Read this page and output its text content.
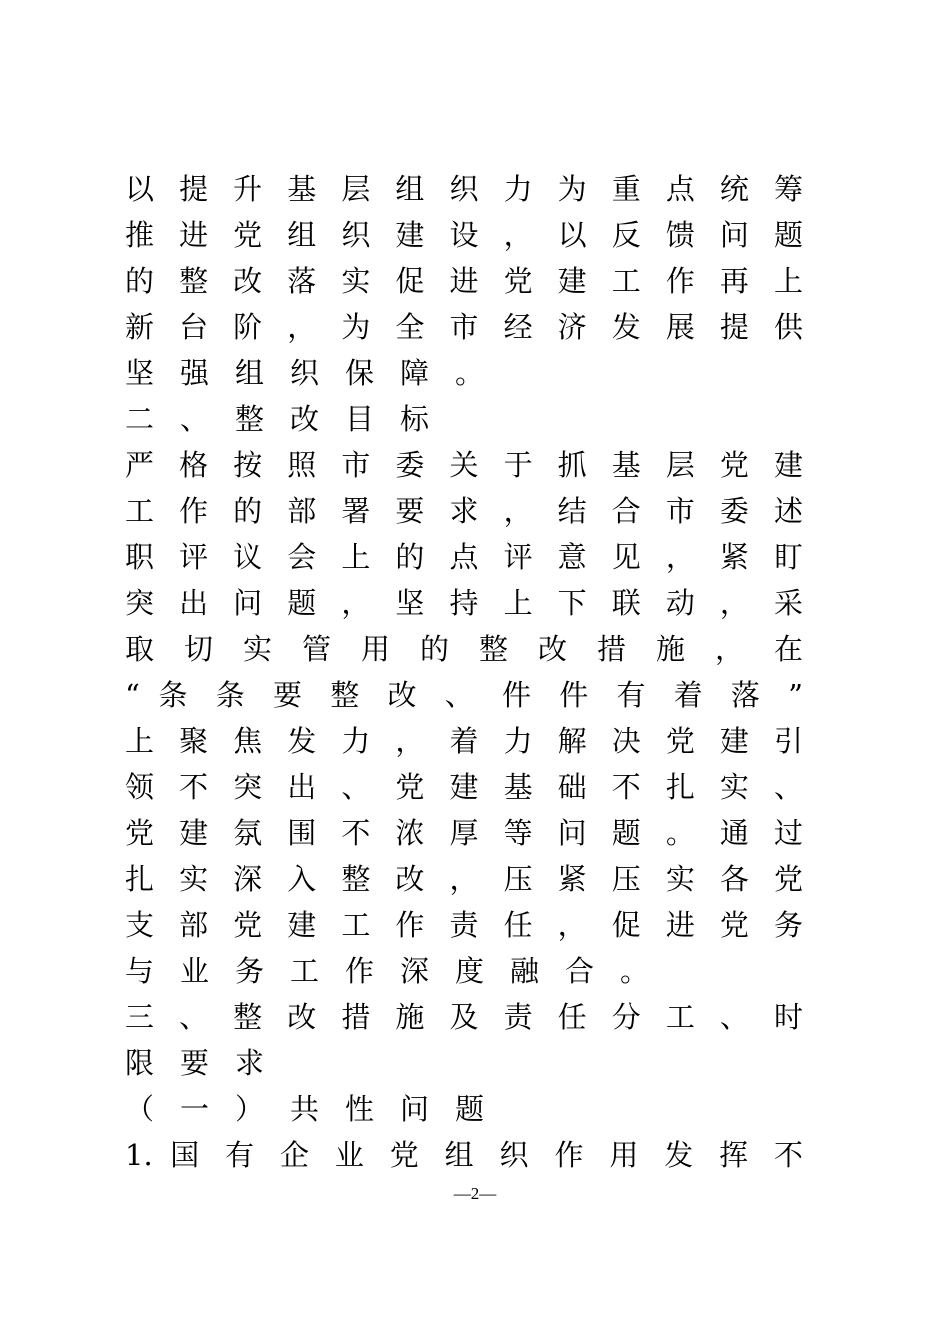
以 提 升 基 层 组 织 力 为 重 点 统 筹
推 进 党 组 织 建 设 ， 以 反 馈 问 题
的 整 改 落 实 促 进 党 建 工 作 再 上
新 台 阶 ， 为 全 市 经 济 发 展 提 供
坚强组织保障。
二、整改目标
严 格 按 照 市 委 关 于 抓 基 层 党 建
工 作 的 部 署 要 求 ， 结 合 市 委 述
职 评 议 会 上 的 点 评 意 见 ， 紧 盯
突 出 问 题 ， 坚 持 上 下 联 动 ， 采
取 切 实 管 用 的 整 改 措 施 ， 在
“ 条 条 要 整 改 、 件 件 有 着 落 ”
上 聚 焦 发 力 ， 着 力 解 决 党 建 引
领 不 突 出 、 党 建 基 础 不 扎 实 、
党 建 氛 围 不 浓 厚 等 问 题 。 通 过
扎 实 深 入 整 改 ， 压 紧 压 实 各 党
支 部 党 建 工 作 责 任 ， 促 进 党 务
与业务工作深度融合。
三 、 整 改 措 施 及 责 任 分 工 、 时
限要求
（一）共性问题
1. 国 有 企 业 党 组 织 作 用 发 挥 不
—2—
